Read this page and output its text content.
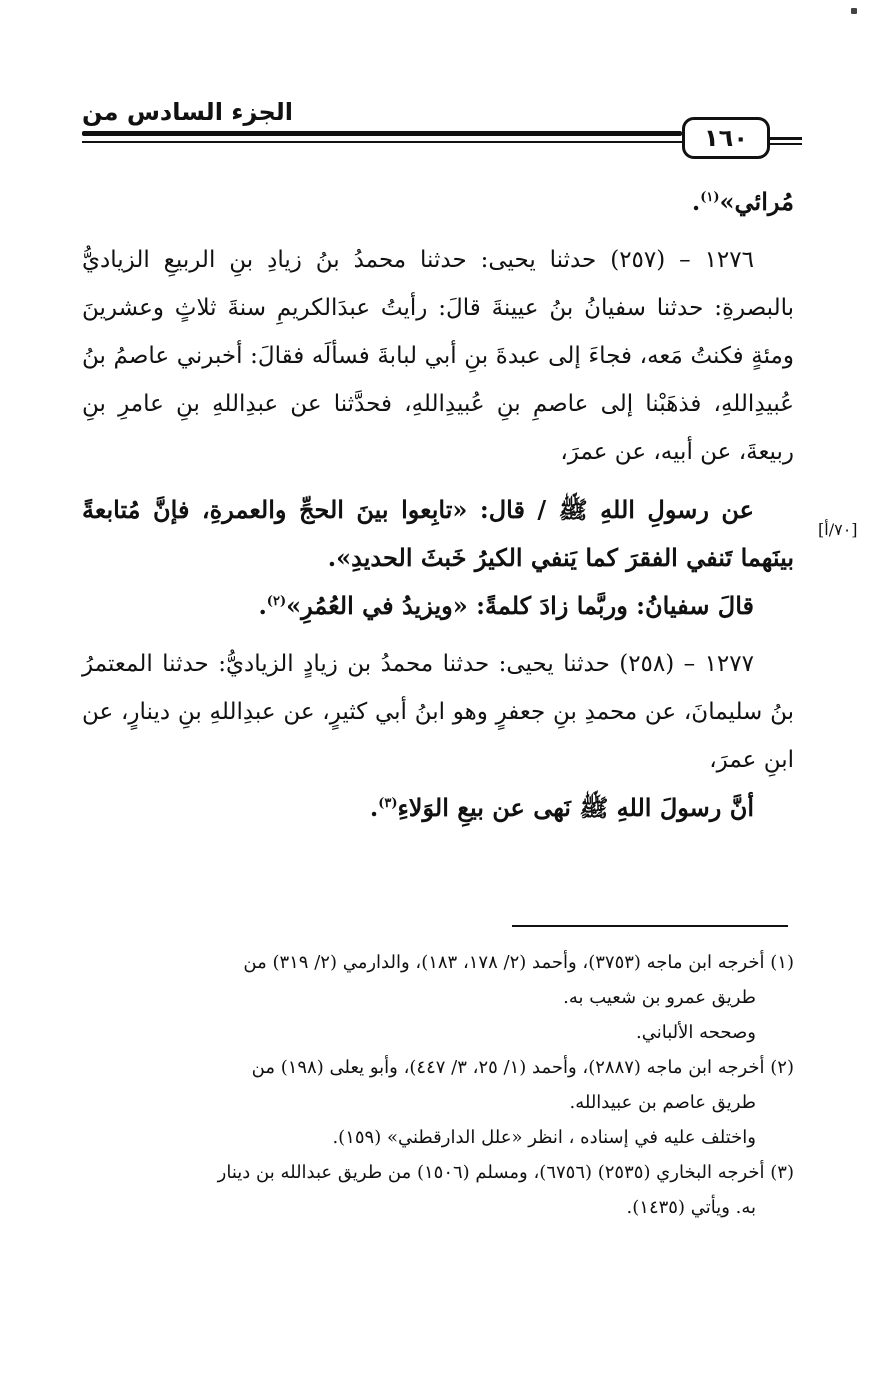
الجزء السادس من
١٦٠
[٧٠/أ]

مُرائي»$^{(١)}$.

١٢٧٦ – (٢٥٧) حدثنا يحيى: حدثنا محمدُ بنُ زيادِ بنِ الربيعِ الزياديُّ بالبصرةِ: حدثنا سفيانُ بنُ عيينةَ قالَ: رأيتُ عبدَالكريمِ سنةَ ثلاثٍ وعشرينَ ومئةٍ فكنتُ مَعه، فجاءَ إلى عبدةَ بنِ أبي لبابةَ فسألَه فقالَ: أخبرني عاصمُ بنُ عُبيدِاللهِ، فذهَبْنا إلى عاصمِ بنِ عُبيدِاللهِ، فحدَّثنا عن عبدِاللهِ بنِ عامرِ بنِ ربيعةَ، عن أبيه، عن عمرَ،

عن رسولِ اللهِ ﷺ / قال: «تابِعوا بينَ الحجِّ والعمرةِ، فإنَّ مُتابعةً بينَهما تَنفي الفقرَ كما يَنفي الكيرُ خَبثَ الحديدِ».

قالَ سفيانُ: وربَّما زادَ كلمةً: «ويزيدُ في العُمُرِ»$^{(٢)}$.

١٢٧٧ – (٢٥٨) حدثنا يحيى: حدثنا محمدُ بن زيادٍ الزياديُّ: حدثنا المعتمرُ بنُ سليمانَ، عن محمدِ بنِ جعفرٍ وهو ابنُ أبي كثيرٍ، عن عبدِاللهِ بنِ دينارٍ، عن ابنِ عمرَ،

أنَّ رسولَ اللهِ ﷺ نَهى عن بيعِ الوَلاءِ$^{(٣)}$.

(١) أخرجه ابن ماجه (٣٧٥٣)، وأحمد (٢/ ١٧٨، ١٨٣)، والدارمي (٢/ ٣١٩) من

طريق عمرو بن شعيب به.

وصححه الألباني.

(٢) أخرجه ابن ماجه (٢٨٨٧)، وأحمد (١/ ٢٥، ٣/ ٤٤٧)، وأبو يعلى (١٩٨) من

طريق عاصم بن عبيدالله.

واختلف عليه في إسناده ، انظر «علل الدارقطني» (١٥٩).

(٣) أخرجه البخاري (٢٥٣٥) (٦٧٥٦)، ومسلم (١٥٠٦) من طريق عبدالله بن دينار

به. ويأتي (١٤٣٥).
